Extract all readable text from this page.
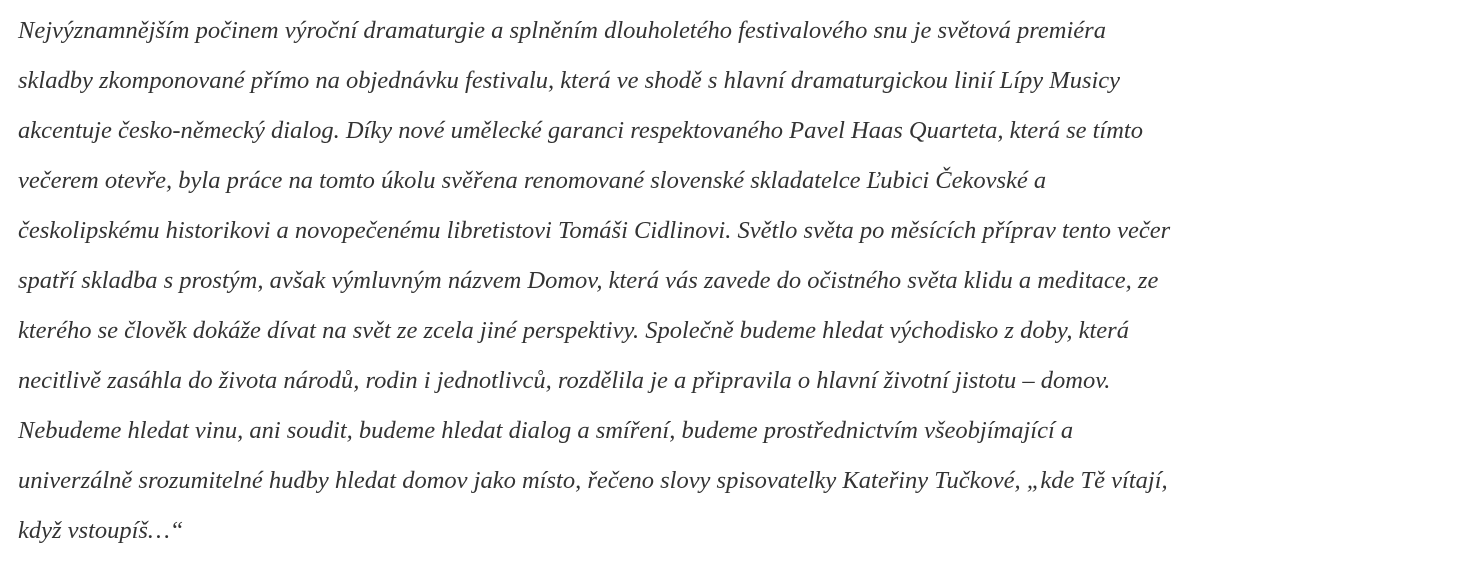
Nejvýznamnějším počinem výroční dramaturgie a splněním dlouholetého festivalového snu je světová premiéra
skladby zkomponované přímo na objednávku festivalu, která ve shodě s hlavní dramaturgickou linií Lípy Musicy
akcentuje česko-německý dialog. Díky nové umělecké garanci respektovaného Pavel Haas Quarteta, která se tímto
večerem otevře, byla práce na tomto úkolu svěřena renomované slovenské skladatelce Ľubici Čekovské a
českolipskému historikovi a novopečenému libretistovi Tomáši Cidlinovi. Světlo světa po měsících příprav tento večer
spatří skladba s prostým, avšak výmluvným názvem Domov, která vás zavede do očistného světa klidu a meditace, ze
kterého se člověk dokáže dívat na svět ze zcela jiné perspektivy. Společně budeme hledat východisko z doby, která
necitlivě zasáhla do života národů, rodin i jednotlivců, rozdělila je a připravila o hlavní životní jistotu – domov.
Nebudeme hledat vinu, ani soudit, budeme hledat dialog a smíření, budeme prostřednictvím všeobjímající a
univerzálně srozumitelné hudby hledat domov jako místo, řečeno slovy spisovatelky Kateřiny Tučkové, „kde Tě vítají,
když vstoupíš…“
